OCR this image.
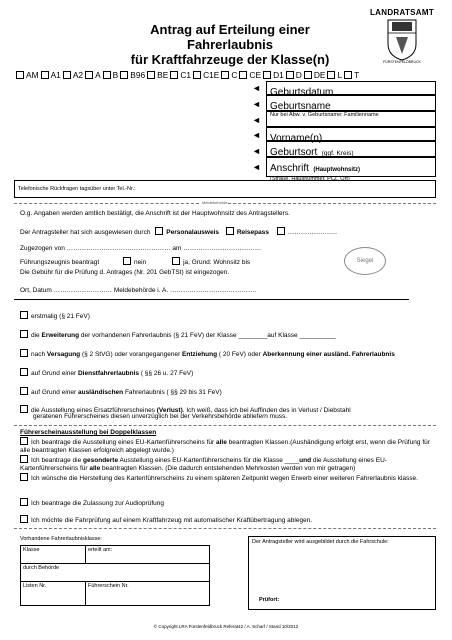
Antrag auf Erteilung einer Fahrerlaubnis
für Kraftfahrzeuge der Klasse(n)
LANDRATSAMT
FÜRSTENFELDBRUCK
AM A1 A2 A B B96 BE C1 C1E C CE D1 D DE L T
◄ Geburtsdatum
◄ Geburtsname
◄ Nur bei Abw. v. Geburtsname: Familienname
◄ Vorname(n)
◄ Geburtsort (ggf. Kreis)
◄ Anschrift (Hauptwohnsitz)
(Straße, Hausnummer, PLZ, Ort)
Telefonische Rückfragen tagsüber unter Tel.-Nr.:
Meldebehörde
O.g. Angaben werden amtlich bestätigt, die Anschrift ist der Hauptwohnsitz des Antragstellers.
Der Antragsteller hat sich ausgewiesen durch Personalausweis	Reisepass	…………………..
Zugezogen von ………………………………………… am ………………………………
Führungszeugnis beantragt	nein	ja, Grund: Wohnsitz bis
Die Gebühr für die Prüfung d. Antrages (Nr. 201 GebTSt) ist eingezogen.
Siegel
Ort, Datum ……………………… Meldebehörde i. A. ………………………………….
erstmalig (§ 21 FeV)
die Erweiterung der vorhandenen Fahrerlaubnis (§ 21 FeV) der Klasse ________auf Klasse __________
nach Versagung (§ 2 StVG) oder vorangegangener Entziehung ( 20 FeV) oder Aberkennung einer ausländ. Fahrerlaubnis
auf Grund einer Dienstfahrerlaubnis ( §§ 26 u. 27 FeV)
auf Grund einer ausländischen Fahrerlaubnis ( §§ 29 bis 31 FeV)
die Ausstellung eines Ersatzführerscheines (Verlust). Ich weiß, dass ich bei Auffinden des in Verlust / Diebstahl
geratenen Führerscheines diesen unverzüglich bei der Verkehrsbehörde abliefern muss.
Führerscheinausstellung bei Doppelklassen
Ich beantrage die Ausstellung eines EU-Kartenführerscheins für alle beantragten Klassen.(Aushändigung erfolgt erst, wenn die Prüfung für alle beantragten Klassen erfolgreich abgelegt wurde.)
Ich beantrage die gesonderte Ausstellung eines EU-Kartenführerscheins für die Klasse ____und die Ausstellung eines EU-Kartenführerscheins für alle beantragten Klassen. (Die dadurch entstehenden Mehrkosten werden von mir getragen)
Ich wünsche die Herstellung des Kartenführerscheins zu einem späteren Zeitpunkt wegen Erwerb einer weiteren Fahrerlaubnis klasse.
Ich beantrage die Zulassung zur Audioprüfung
Ich möchte die Fahrprüfung auf einem Kraftfahrzeug mit automatischer Kraftübertragung ablegen.
Vorhandene Fahrerlaubnisklasse:
Klasse	erteilt am:
durch Behörde	
Listen Nr.	Führerschein Nr.
Der Antragsteller wird ausgebildet durch die Fahrschule:
Prüfort:
© Copyright LRA Fürstenfeldbruck Referat42 / A. Scharf / Stand 10/2012
